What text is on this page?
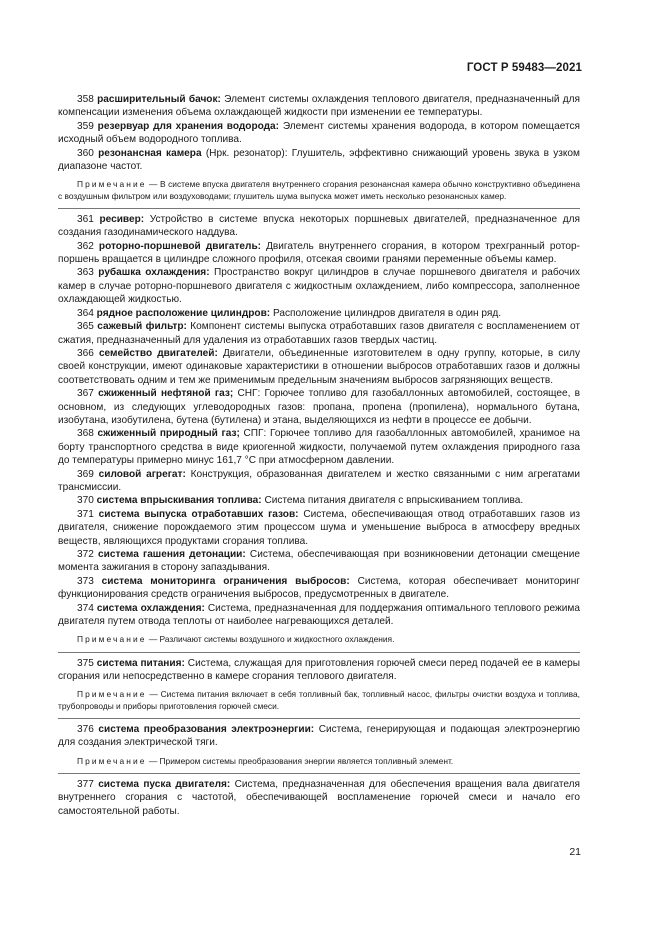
ГОСТ Р 59483—2021

358 расширительный бачок: Элемент системы охлаждения теплового двигателя, предназначенный для компенсации изменения объема охлаждающей жидкости при изменении ее температуры.

359 резервуар для хранения водорода: Элемент системы хранения водорода, в котором помещается исходный объем водородного топлива.

360 резонансная камера (Нрк. резонатор): Глушитель, эффективно снижающий уровень звука в узком диапазоне частот.

Примечание — В системе впуска двигателя внутреннего сгорания резонансная камера обычно конструктивно объединена с воздушным фильтром или воздуховодами; глушитель шума выпуска может иметь несколько резонансных камер.

361 ресивер: Устройство в системе впуска некоторых поршневых двигателей, предназначенное для создания газодинамического наддува.

362 роторно-поршневой двигатель: Двигатель внутреннего сгорания, в котором трехгранный ротор-поршень вращается в цилиндре сложного профиля, отсекая своими гранями переменные объемы камер.

363 рубашка охлаждения: Пространство вокруг цилиндров в случае поршневого двигателя и рабочих камер в случае роторно-поршневого двигателя с жидкостным охлаждением, либо компрессора, заполненное охлаждающей жидкостью.

364 рядное расположение цилиндров: Расположение цилиндров двигателя в один ряд.

365 сажевый фильтр: Компонент системы выпуска отработавших газов двигателя с воспламенением от сжатия, предназначенный для удаления из отработавших газов твердых частиц.

366 семейство двигателей: Двигатели, объединенные изготовителем в одну группу, которые, в силу своей конструкции, имеют одинаковые характеристики в отношении выбросов отработавших газов и должны соответствовать одним и тем же применимым предельным значениям выбросов загрязняющих веществ.

367 сжиженный нефтяной газ; СНГ: Горючее топливо для газобаллонных автомобилей, состоящее, в основном, из следующих углеводородных газов: пропана, пропена (пропилена), нормального бутана, изобутана, изобутилена, бутена (бутилена) и этана, выделяющихся из нефти в процессе ее добычи.

368 сжиженный природный газ; СПГ: Горючее топливо для газобаллонных автомобилей, хранимое на борту транспортного средства в виде криогенной жидкости, получаемой путем охлаждения природного газа до температуры примерно минус 161,7 °С при атмосферном давлении.

369 силовой агрегат: Конструкция, образованная двигателем и жестко связанными с ним агрегатами трансмиссии.

370 система впрыскивания топлива: Система питания двигателя с впрыскиванием топлива.

371 система выпуска отработавших газов: Система, обеспечивающая отвод отработавших газов из двигателя, снижение порождаемого этим процессом шума и уменьшение выброса в атмосферу вредных веществ, являющихся продуктами сгорания топлива.

372 система гашения детонации: Система, обеспечивающая при возникновении детонации смещение момента зажигания в сторону запаздывания.

373 система мониторинга ограничения выбросов: Система, которая обеспечивает мониторинг функционирования средств ограничения выбросов, предусмотренных в двигателе.

374 система охлаждения: Система, предназначенная для поддержания оптимального теплового режима двигателя путем отвода теплоты от наиболее нагревающихся деталей.

Примечание — Различают системы воздушного и жидкостного охлаждения.

375 система питания: Система, служащая для приготовления горючей смеси перед подачей ее в камеры сгорания или непосредственно в камере сгорания теплового двигателя.

Примечание — Система питания включает в себя топливный бак, топливный насос, фильтры очистки воздуха и топлива, трубопроводы и приборы приготовления горючей смеси.

376 система преобразования электроэнергии: Система, генерирующая и подающая электроэнергию для создания электрической тяги.

Примечание — Примером системы преобразования энергии является топливный элемент.

377 система пуска двигателя: Система, предназначенная для обеспечения вращения вала двигателя внутреннего сгорания с частотой, обеспечивающей воспламенение горючей смеси и начало его самостоятельной работы.

21
